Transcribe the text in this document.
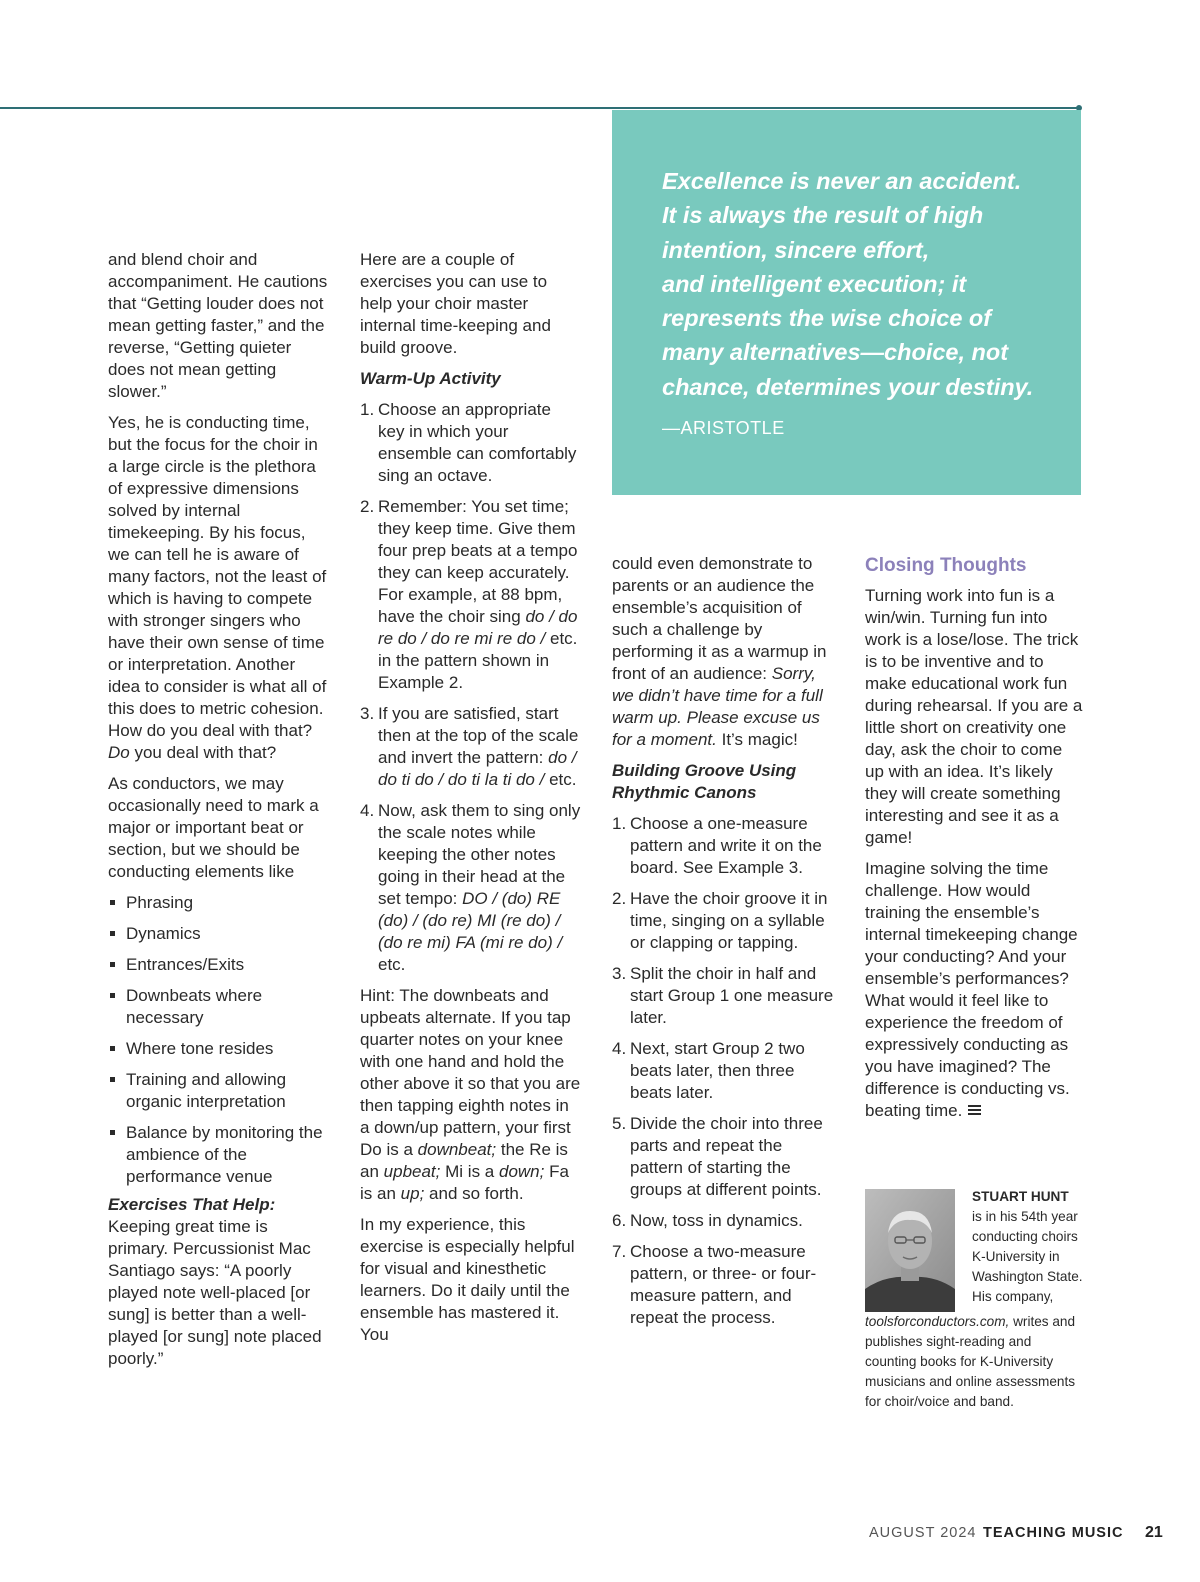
Excellence is never an accident.
It is always the result of high
intention, sincere effort,
and intelligent execution; it
represents the wise choice of
many alternatives—choice, not
chance, determines your destiny.
—ARISTOTLE

and blend choir and accompaniment. He cautions that “Getting louder does not mean getting faster,” and the reverse, “Getting quieter does not mean getting slower.”

Yes, he is conducting time, but the focus for the choir in a large circle is the plethora of expressive dimensions solved by internal timekeeping. By his focus, we can tell he is aware of many factors, not the least of which is having to compete with stronger singers who have their own sense of time or interpretation. Another idea to consider is what all of this does to metric cohesion. How do you deal with that? Do you deal with that?

As conductors, we may occasionally need to mark a major or important beat or section, but we should be conducting elements like

Phrasing
Dynamics
Entrances/Exits
Downbeats where necessary
Where tone resides
Training and allowing organic interpretation
Balance by monitoring the ambience of the performance venue
Exercises That Help:

Keeping great time is primary. Percussionist Mac Santiago says: “A poorly played note well-placed [or sung] is better than a well-played [or sung] note placed poorly.”

Here are a couple of exercises you can use to help your choir master internal time-keeping and build groove.

Warm-Up Activity
1. Choose an appropriate key in which your ensemble can comfortably sing an octave.
2. Remember: You set time; they keep time. Give them four prep beats at a tempo they can keep accurately. For example, at 88 bpm, have the choir sing do / do re do / do re mi re do / etc. in the pattern shown in Example 2.
3. If you are satisfied, start then at the top of the scale and invert the pattern: do / do ti do / do ti la ti do / etc.
4. Now, ask them to sing only the scale notes while keeping the other notes going in their head at the set tempo: DO / (do) RE (do) / (do re) MI (re do) / (do re mi) FA (mi re do) / etc.

Hint: The downbeats and upbeats alternate. If you tap quarter notes on your knee with one hand and hold the other above it so that you are then tapping eighth notes in a down/up pattern, your first Do is a downbeat; the Re is an upbeat; Mi is a down; Fa is an up; and so forth.

In my experience, this exercise is especially helpful for visual and kinesthetic learners. Do it daily until the ensemble has mastered it. You

could even demonstrate to parents or an audience the ensemble’s acquisition of such a challenge by performing it as a warmup in front of an audience: Sorry, we didn’t have time for a full warm up. Please excuse us for a moment. It’s magic!

Building Groove Using Rhythmic Canons
1. Choose a one-measure pattern and write it on the board. See Example 3.
2. Have the choir groove it in time, singing on a syllable or clapping or tapping.
3. Split the choir in half and start Group 1 one measure later.
4. Next, start Group 2 two beats later, then three beats later.
5. Divide the choir into three parts and repeat the pattern of starting the groups at different points.
6. Now, toss in dynamics.
7. Choose a two-measure pattern, or three- or four-measure pattern, and repeat the process.
Closing Thoughts

Turning work into fun is a win/win. Turning fun into work is a lose/lose. The trick is to be inventive and to make educational work fun during rehearsal. If you are a little short on creativity one day, ask the choir to come up with an idea. It’s likely they will create something interesting and see it as a game!

Imagine solving the time challenge. How would training the ensemble’s internal timekeeping change your conducting? And your ensemble’s performances? What would it feel like to experience the freedom of expressively conducting as you have imagined? The difference is conducting vs. beating time.

STUART HUNT
is in his 54th year conducting choirs K-University in Washington State. His company, toolsforconductors.com, writes and publishes sight-reading and counting books for K-University musicians and online assessments for choir/voice and band.
AUGUST 2024 TEACHING MUSIC 21
